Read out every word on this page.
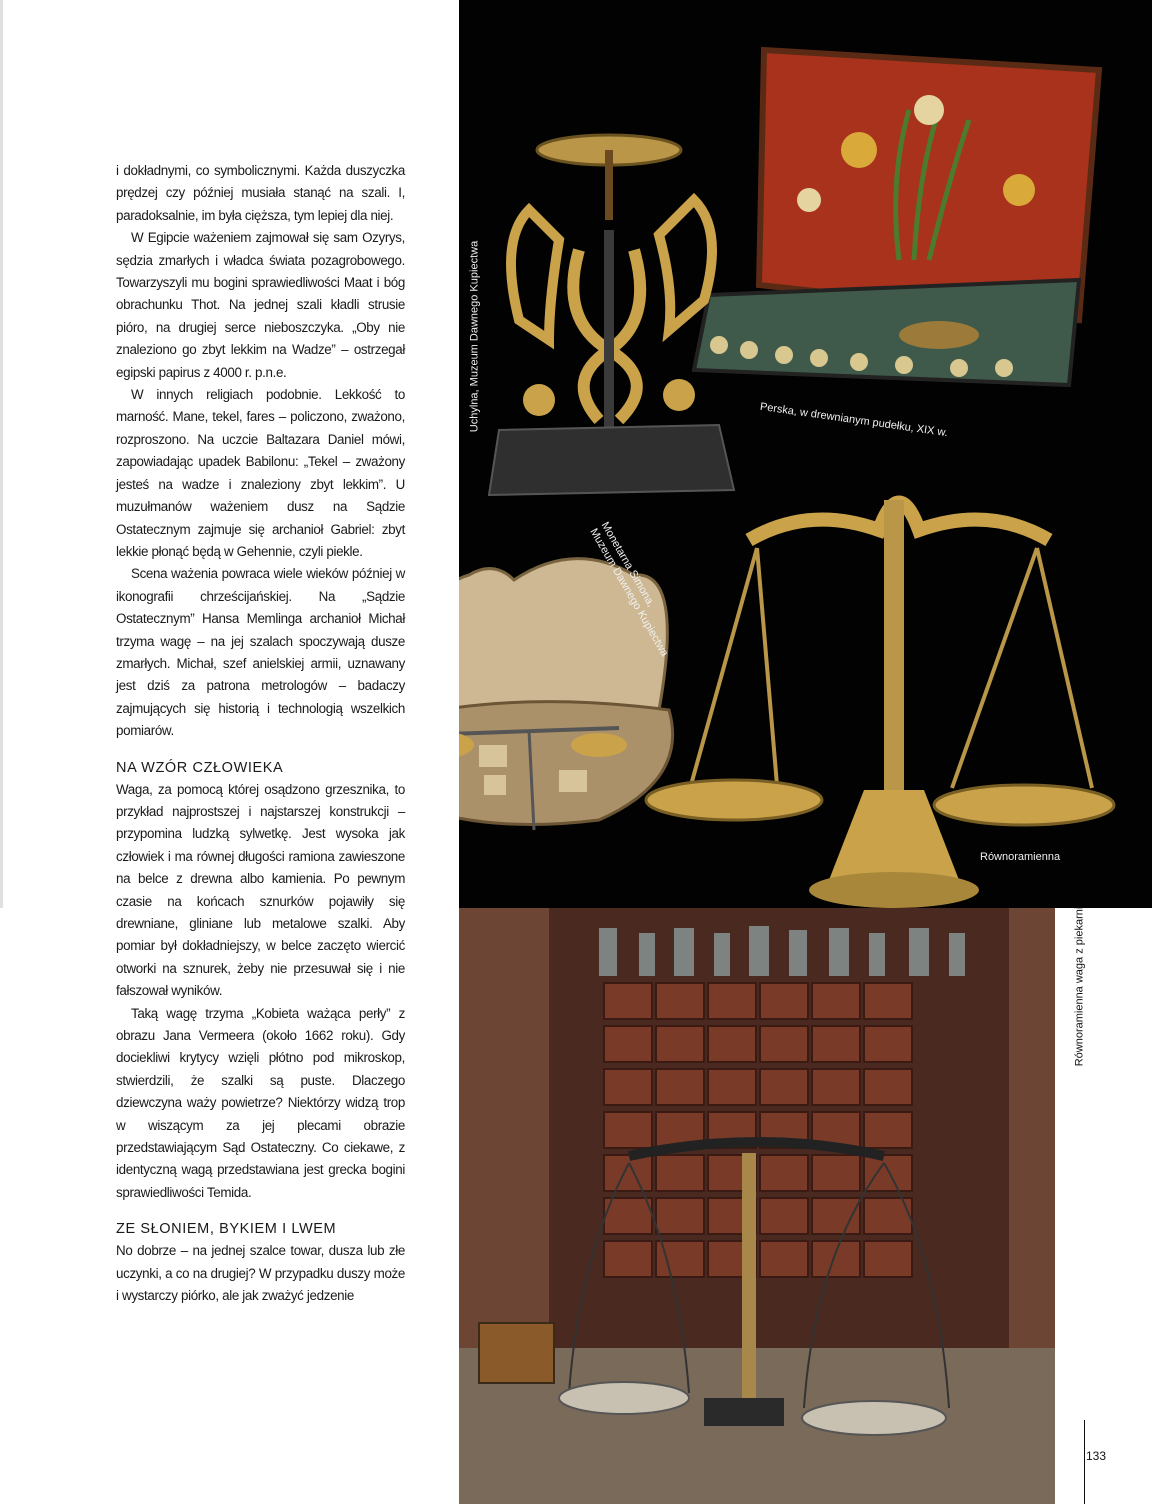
i dokładnymi, co symbolicznymi. Każda duszyczka prędzej czy później musiała stanąć na szali. I, paradoksalnie, im była cięższa, tym lepiej dla niej.

W Egipcie ważeniem zajmował się sam Ozyrys, sędzia zmarłych i władca świata pozagrobowego. Towarzyszyli mu bogini sprawiedliwości Maat i bóg obrachunku Thot. Na jednej szali kładli strusie pióro, na drugiej serce nieboszczyka. „Oby nie znaleziono go zbyt lekkim na Wadze” – ostrzegał egipski papirus z 4000 r. p.n.e.

W innych religiach podobnie. Lekkość to marność. Mane, tekel, fares – policzono, zważono, rozproszono. Na uczcie Baltazara Daniel mówi, zapowiadając upadek Babilonu: „Tekel – zważony jesteś na wadze i znaleziony zbyt lekkim”. U muzułmanów ważeniem dusz na Sądzie Ostatecznym zajmuje się archanioł Gabriel: zbyt lekkie płonąć będą w Gehennie, czyli piekle.

Scena ważenia powraca wiele wieków później w ikonografii chrześcijańskiej. Na „Sądzie Ostatecznym” Hansa Memlinga archanioł Michał trzyma wagę – na jej szalach spoczywają dusze zmarłych. Michał, szef anielskiej armii, uznawany jest dziś za patrona metrologów – badaczy zajmujących się historią i technologią wszelkich pomiarów.

NA WZÓR CZŁOWIEKA

Waga, za pomocą której osądzono grzesznika, to przykład najprostszej i najstarszej konstrukcji – przypomina ludzką sylwetkę. Jest wysoka jak człowiek i ma równej długości ramiona zawieszone na belce z drewna albo kamienia. Po pewnym czasie na końcach sznurków pojawiły się drewniane, gliniane lub metalowe szalki. Aby pomiar był dokładniejszy, w belce zaczęto wiercić otworki na sznurek, żeby nie przesuwał się i nie fałszował wyników.

Taką wagę trzyma „Kobieta ważąca perły” z obrazu Jana Vermeera (około 1662 roku). Gdy dociekliwi krytycy wzięli płótno pod mikroskop, stwierdzili, że szalki są puste. Dlaczego dziewczyna waży powietrze? Niektórzy widzą trop w wiszącym za jej plecami obrazie przedstawiającym Sąd Ostateczny. Co ciekawe, z identyczną wagą przedstawiana jest grecka bogini sprawiedliwości Temida.

ZE SŁONIEM, BYKIEM I LWEM

No dobrze – na jednej szalce towar, dusza lub złe uczynki, a co na drugiej? W przypadku duszy może i wystarczy piórko, ale jak zważyć jedzenie

Uchylna, Muzeum Dawnego Kupiectwa	Perska, w drewnianym pudełku, XIX w.
Monetarna Simona,
Muzeum Dawnego Kupiectwa
Równoramienna
Równoramienna waga z piekarni
133
